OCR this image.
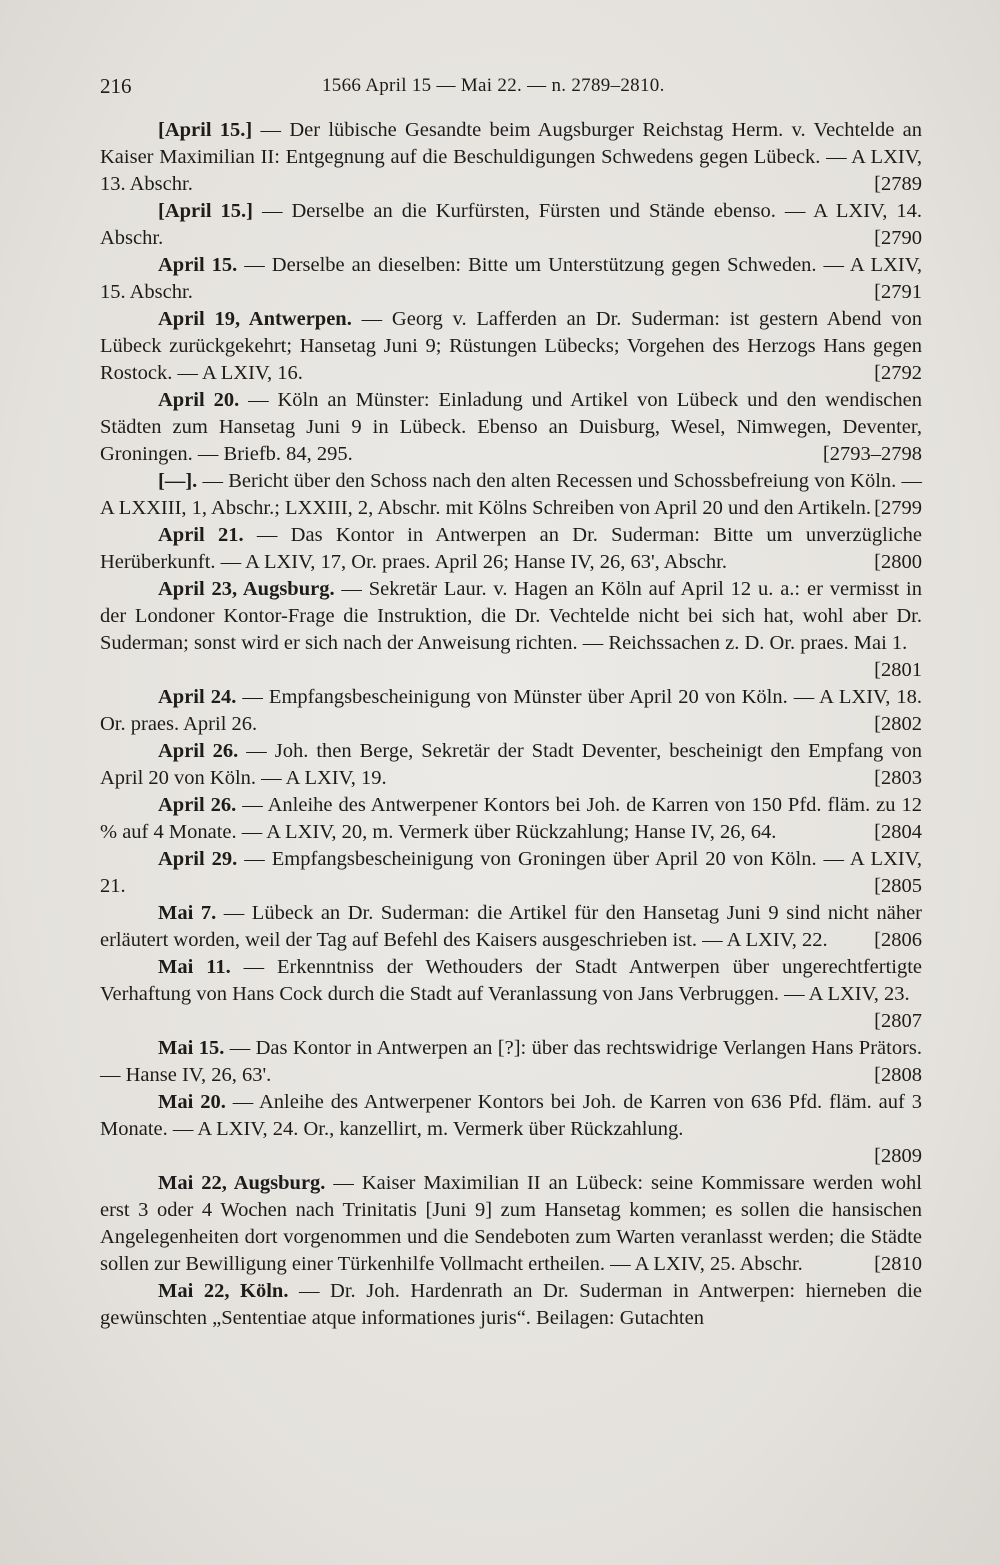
216	1566 April 15 — Mai 22. — n. 2789–2810.

[April 15.] — Der lübische Gesandte beim Augsburger Reichstag Herm. v. Vechtelde an Kaiser Maximilian II: Entgegnung auf die Beschuldigungen Schwedens gegen Lübeck. — A LXIV, 13. Abschr.	[2789

[April 15.] — Derselbe an die Kurfürsten, Fürsten und Stände ebenso. — A LXIV, 14. Abschr.	[2790

April 15. — Derselbe an dieselben: Bitte um Unterstützung gegen Schweden. — A LXIV, 15. Abschr.	[2791

April 19, Antwerpen. — Georg v. Lafferden an Dr. Suderman: ist gestern Abend von Lübeck zurückgekehrt; Hansetag Juni 9; Rüstungen Lübecks; Vorgehen des Herzogs Hans gegen Rostock. — A LXIV, 16.	[2792

April 20. — Köln an Münster: Einladung und Artikel von Lübeck und den wendischen Städten zum Hansetag Juni 9 in Lübeck. Ebenso an Duisburg, Wesel, Nimwegen, Deventer, Groningen. — Briefb. 84, 295.	[2793–2798

[—]. — Bericht über den Schoss nach den alten Recessen und Schossbefreiung von Köln. — A LXXIII, 1, Abschr.; LXXIII, 2, Abschr. mit Kölns Schreiben von April 20 und den Artikeln. [2799

April 21. — Das Kontor in Antwerpen an Dr. Suderman: Bitte um unverzügliche Herüberkunft. — A LXIV, 17, Or. praes. April 26; Hanse IV, 26, 63', Abschr.	[2800

April 23, Augsburg. — Sekretär Laur. v. Hagen an Köln auf April 12 u. a.: er vermisst in der Londoner Kontor-Frage die Instruktion, die Dr. Vechtelde nicht bei sich hat, wohl aber Dr. Suderman; sonst wird er sich nach der Anweisung richten. — Reichssachen z. D. Or. praes. Mai 1.
[2801

April 24. — Empfangsbescheinigung von Münster über April 20 von Köln. — A LXIV, 18. Or. praes. April 26.	[2802

April 26. — Joh. then Berge, Sekretär der Stadt Deventer, bescheinigt den Empfang von April 20 von Köln. — A LXIV, 19.	[2803

April 26. — Anleihe des Antwerpener Kontors bei Joh. de Karren von 150 Pfd. fläm. zu 12 % auf 4 Monate. — A LXIV, 20, m. Vermerk über Rückzahlung; Hanse IV, 26, 64.	[2804

April 29. — Empfangsbescheinigung von Groningen über April 20 von Köln. — A LXIV, 21.	[2805

Mai 7. — Lübeck an Dr. Suderman: die Artikel für den Hansetag Juni 9 sind nicht näher erläutert worden, weil der Tag auf Befehl des Kaisers ausgeschrieben ist. — A LXIV, 22. [2806

Mai 11. — Erkenntniss der Wethouders der Stadt Antwerpen über ungerechtfertigte Verhaftung von Hans Cock durch die Stadt auf Veranlassung von Jans Verbruggen. — A LXIV, 23.
[2807

Mai 15. — Das Kontor in Antwerpen an [?]: über das rechtswidrige Verlangen Hans Prätors. — Hanse IV, 26, 63'.	[2808

Mai 20. — Anleihe des Antwerpener Kontors bei Joh. de Karren von 636 Pfd. fläm. auf 3 Monate. — A LXIV, 24. Or., kanzellirt, m. Vermerk über Rückzahlung.
[2809

Mai 22, Augsburg. — Kaiser Maximilian II an Lübeck: seine Kommissare werden wohl erst 3 oder 4 Wochen nach Trinitatis [Juni 9] zum Hansetag kommen; es sollen die hansischen Angelegenheiten dort vorgenommen und die Sendeboten zum Warten veranlasst werden; die Städte sollen zur Bewilligung einer Türkenhilfe Vollmacht ertheilen. — A LXIV, 25. Abschr.	[2810

Mai 22, Köln. — Dr. Joh. Hardenrath an Dr. Suderman in Antwerpen: hierneben die gewünschten „Sententiae atque informationes juris“. Beilagen: Gutachten
